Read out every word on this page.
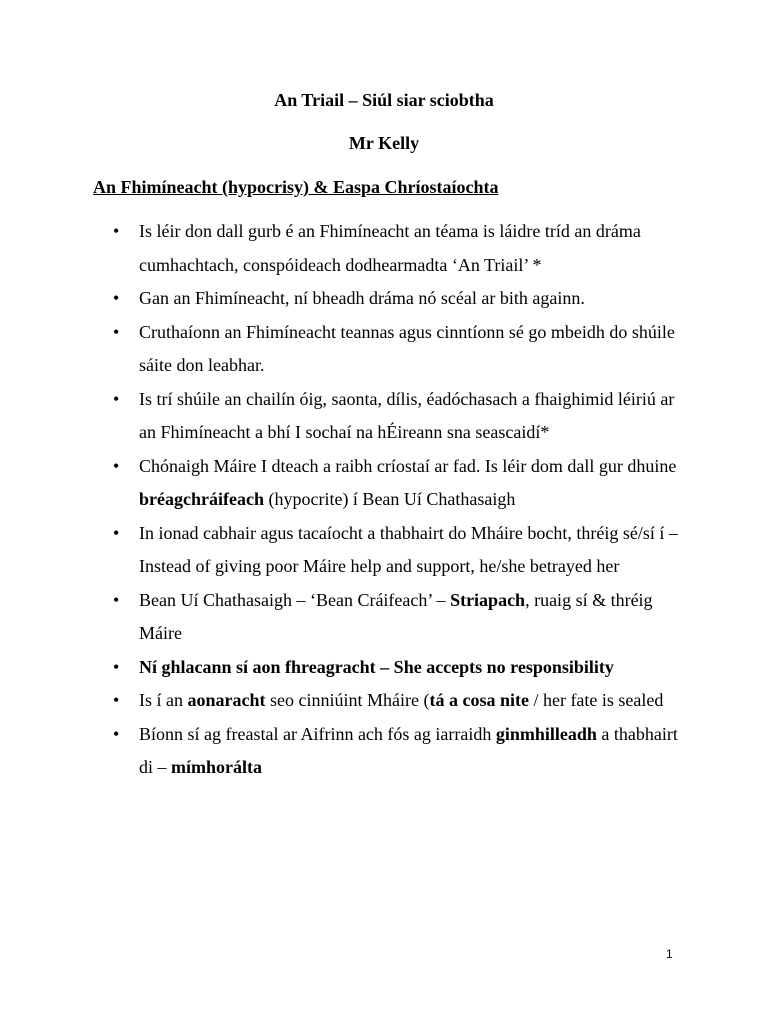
An Triail – Siúl siar sciobtha
Mr Kelly
An Fhimíneacht (hypocrisy) & Easpa Chríostaíochta
• Is léir don dall gurb é an Fhimíneacht an téama is láidre tríd an dráma cumhachtach, conspóideach dodhearmadta ‘An Triail’ *
• Gan an Fhimíneacht, ní bheadh dráma nó scéal ar bith againn.
• Cruthaíonn an Fhimíneacht teannas agus cinntíonn sé go mbeidh do shúile sáite don leabhar.
• Is trí shúile an chailín óig, saonta, dílis, éadóchasach a fhaighimid léiriú ar an Fhimíneacht a bhí I sochaí na hÉireann sna seascaidí*
• Chónaigh Máire I dteach a raibh críostaí ar fad. Is léir dom dall gur dhuine bréagchráifeach (hypocrite) í Bean Uí Chathasaigh
• In ionad cabhair agus tacaíocht a thabhairt do Mháire bocht, thréig sé/sí í – Instead of giving poor Máire help and support, he/she betrayed her
• Bean Uí Chathasaigh – ‘Bean Cráifeach’ – Striapach, ruaig sí & thréig Máire
• Ní ghlacann sí aon fhreagracht – She accepts no responsibility
• Is í an aonaracht seo cinniúint Mháire (tá a cosa nite / her fate is sealed
• Bíonn sí ag freastal ar Aifrinn ach fós ag iarraidh ginmhilleadh a thabhairt di – mímhorálta
1
